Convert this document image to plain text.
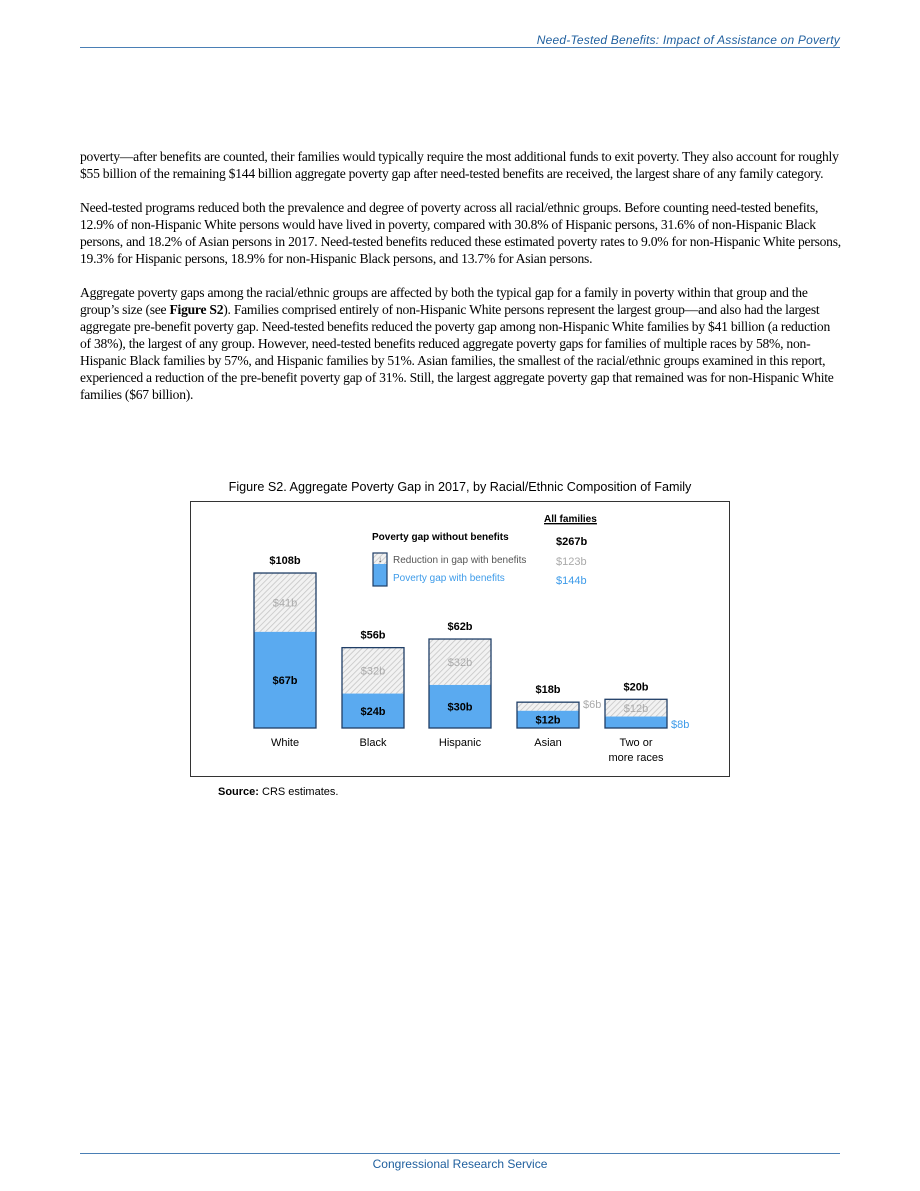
Need-Tested Benefits: Impact of Assistance on Poverty

poverty—after benefits are counted, their families would typically require the most additional funds to exit poverty. They also account for roughly $55 billion of the remaining $144 billion aggregate poverty gap after need-tested benefits are received, the largest share of any family category.

Need-tested programs reduced both the prevalence and degree of poverty across all racial/ethnic groups. Before counting need-tested benefits, 12.9% of non-Hispanic White persons would have lived in poverty, compared with 30.8% of Hispanic persons, 31.6% of non-Hispanic Black persons, and 18.2% of Asian persons in 2017. Need-tested benefits reduced these estimated poverty rates to 9.0% for non-Hispanic White persons, 19.3% for Hispanic persons, 18.9% for non-Hispanic Black persons, and 13.7% for Asian persons.

Aggregate poverty gaps among the racial/ethnic groups are affected by both the typical gap for a family in poverty within that group and the group’s size (see Figure S2). Families comprised entirely of non-Hispanic White persons represent the largest group—and also had the largest aggregate pre-benefit poverty gap. Need-tested benefits reduced the poverty gap among non-Hispanic White families by $41 billion (a reduction of 38%), the largest of any group. However, need-tested benefits reduced aggregate poverty gaps for families of multiple races by 58%, non-Hispanic Black families by 57%, and Hispanic families by 51%. Asian families, the smallest of the racial/ethnic groups examined in this report, experienced a reduction of the pre-benefit poverty gap of 31%. Still, the largest aggregate poverty gap that remained was for non-Hispanic White families ($67 billion).

Figure S2. Aggregate Poverty Gap in 2017, by Racial/Ethnic Composition of Family
$108b
$41b
$67b
White
$56b
$32b
$24b
Black
$62b
$32b
$30b
Hispanic
$18b
$6b
$12b
Asian
$20b
$12b
$8b
Two or
more races
Poverty gap without benefits
↓ Reduction in gap with benefits
Poverty gap with benefits
All families
$267b
$123b
$144b
Source: CRS estimates.
Congressional Research Service
